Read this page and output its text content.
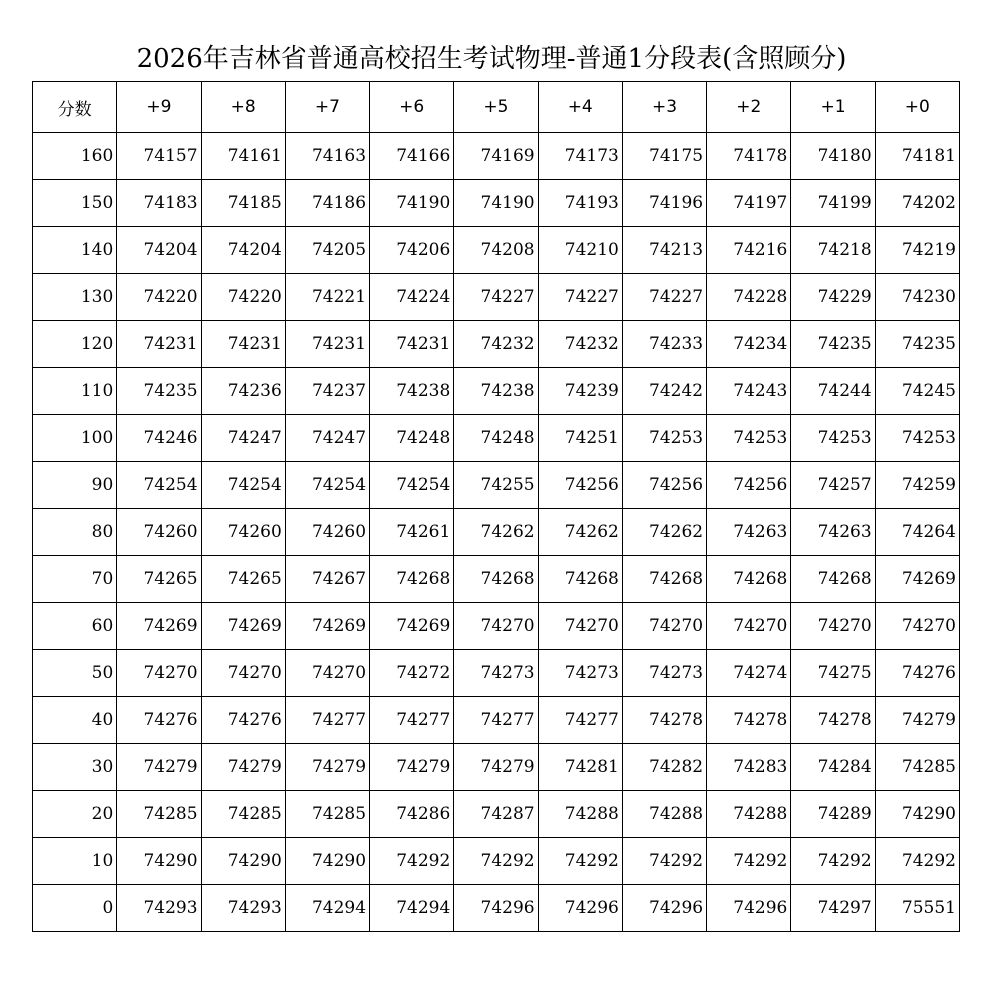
2026年吉林省普通高校招生考试物理-普通1分段表(含照顾分)
分数	+9	+8	+7	+6	+5	+4	+3	+2	+1	+0
160	74157	74161	74163	74166	74169	74173	74175	74178	74180	74181
150	74183	74185	74186	74190	74190	74193	74196	74197	74199	74202
140	74204	74204	74205	74206	74208	74210	74213	74216	74218	74219
130	74220	74220	74221	74224	74227	74227	74227	74228	74229	74230
120	74231	74231	74231	74231	74232	74232	74233	74234	74235	74235
110	74235	74236	74237	74238	74238	74239	74242	74243	74244	74245
100	74246	74247	74247	74248	74248	74251	74253	74253	74253	74253
90	74254	74254	74254	74254	74255	74256	74256	74256	74257	74259
80	74260	74260	74260	74261	74262	74262	74262	74263	74263	74264
70	74265	74265	74267	74268	74268	74268	74268	74268	74268	74269
60	74269	74269	74269	74269	74270	74270	74270	74270	74270	74270
50	74270	74270	74270	74272	74273	74273	74273	74274	74275	74276
40	74276	74276	74277	74277	74277	74277	74278	74278	74278	74279
30	74279	74279	74279	74279	74279	74281	74282	74283	74284	74285
20	74285	74285	74285	74286	74287	74288	74288	74288	74289	74290
10	74290	74290	74290	74292	74292	74292	74292	74292	74292	74292
0	74293	74293	74294	74294	74296	74296	74296	74296	74297	75551
